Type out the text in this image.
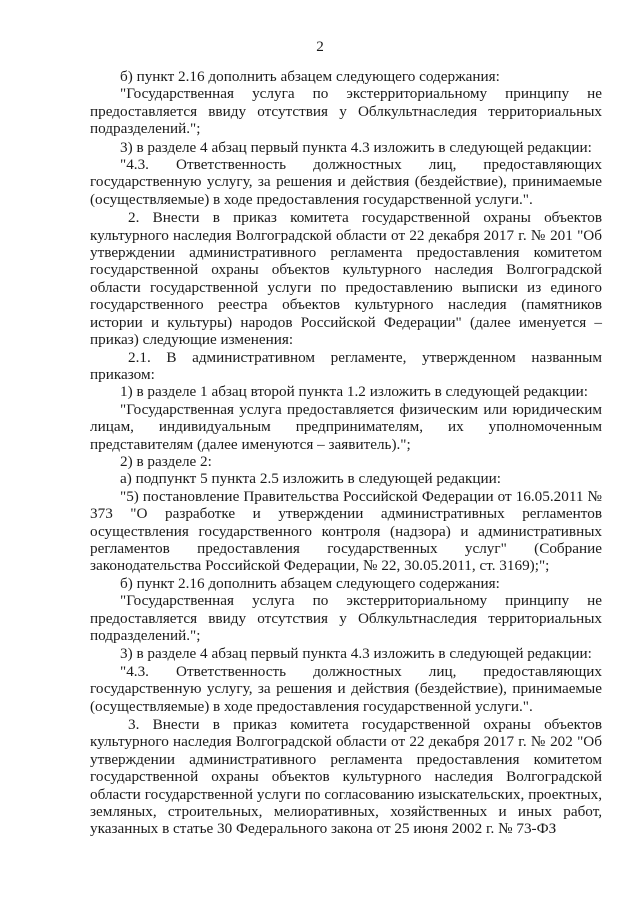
2
б) пункт 2.16 дополнить абзацем следующего содержания:
"Государственная услуга по экстерриториальному принципу не предоставляется ввиду отсутствия у Облкультнаследия территориальных подразделений.";
3) в разделе 4 абзац первый пункта 4.3 изложить в следующей редакции:
"4.3. Ответственность должностных лиц, предоставляющих государственную услугу, за решения и действия (бездействие), принимаемые (осуществляемые) в ходе предоставления государственной услуги.".
2. Внести в приказ комитета государственной охраны объектов культурного наследия Волгоградской области от 22 декабря 2017 г. № 201 "Об утверждении административного регламента предоставления комитетом государственной охраны объектов культурного наследия Волгоградской области государственной услуги по предоставлению выписки из единого государственного реестра объектов культурного наследия (памятников истории и культуры) народов Российской Федерации" (далее именуется – приказ) следующие изменения:
2.1. В административном регламенте, утвержденном названным приказом:
1) в разделе 1 абзац второй пункта 1.2 изложить в следующей редакции:
"Государственная услуга предоставляется физическим или юридическим лицам, индивидуальным предпринимателям, их уполномоченным представителям (далее именуются – заявитель).";
2) в разделе 2:
а) подпункт 5 пункта 2.5 изложить в следующей редакции:
"5) постановление Правительства Российской Федерации от 16.05.2011 № 373 "О разработке и утверждении административных регламентов осуществления государственного контроля (надзора) и административных регламентов предоставления государственных услуг" (Собрание законодательства Российской Федерации, № 22, 30.05.2011, ст. 3169);";
б) пункт 2.16 дополнить абзацем следующего содержания:
"Государственная услуга по экстерриториальному принципу не предоставляется ввиду отсутствия у Облкультнаследия территориальных подразделений.";
3) в разделе 4 абзац первый пункта 4.3 изложить в следующей редакции:
"4.3. Ответственность должностных лиц, предоставляющих государственную услугу, за решения и действия (бездействие), принимаемые (осуществляемые) в ходе предоставления государственной услуги.".
3. Внести в приказ комитета государственной охраны объектов культурного наследия Волгоградской области от 22 декабря 2017 г. № 202 "Об утверждении административного регламента предоставления комитетом государственной охраны объектов культурного наследия Волгоградской области государственной услуги по согласованию изыскательских, проектных, земляных, строительных, мелиоративных, хозяйственных и иных работ, указанных в статье 30 Федерального закона от 25 июня 2002 г. № 73-ФЗ
